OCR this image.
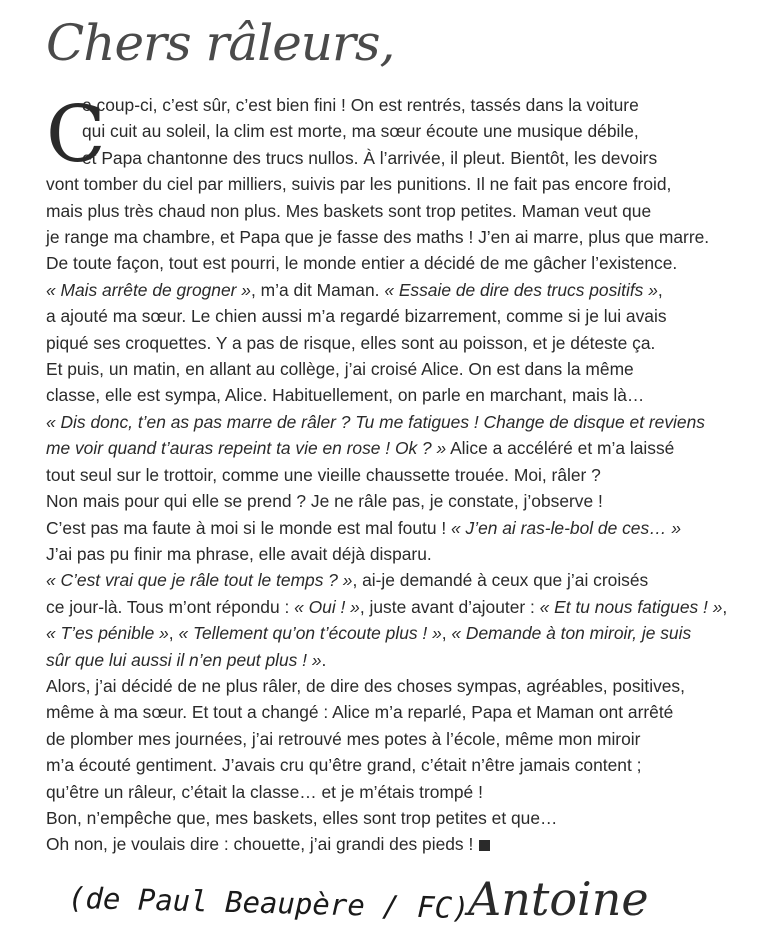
Chers râleurs,
C
e coup-ci, c’est sûr, c’est bien fini ! On est rentrés, tassés dans la voiture
qui cuit au soleil, la clim est morte, ma sœur écoute une musique débile,
et Papa chantonne des trucs nullos. À l’arrivée, il pleut. Bientôt, les devoirs
vont tomber du ciel par milliers, suivis par les punitions. Il ne fait pas encore froid,
mais plus très chaud non plus. Mes baskets sont trop petites. Maman veut que
je range ma chambre, et Papa que je fasse des maths ! J’en ai marre, plus que marre.
De toute façon, tout est pourri, le monde entier a décidé de me gâcher l’existence.
« Mais arrête de grogner », m’a dit Maman. « Essaie de dire des trucs positifs »,
a ajouté ma sœur. Le chien aussi m’a regardé bizarrement, comme si je lui avais
piqué ses croquettes. Y a pas de risque, elles sont au poisson, et je déteste ça.
Et puis, un matin, en allant au collège, j’ai croisé Alice. On est dans la même
classe, elle est sympa, Alice. Habituellement, on parle en marchant, mais là…
« Dis donc, t’en as pas marre de râler ? Tu me fatigues ! Change de disque et reviens
me voir quand t’auras repeint ta vie en rose ! Ok ? » Alice a accéléré et m’a laissé
tout seul sur le trottoir, comme une vieille chaussette trouée. Moi, râler ?
Non mais pour qui elle se prend ? Je ne râle pas, je constate, j’observe !
C’est pas ma faute à moi si le monde est mal foutu ! « J’en ai ras-le-bol de ces… »
J’ai pas pu finir ma phrase, elle avait déjà disparu.
« C’est vrai que je râle tout le temps ? », ai-je demandé à ceux que j’ai croisés
ce jour-là. Tous m’ont répondu : « Oui ! », juste avant d’ajouter : « Et tu nous fatigues ! »,
« T’es pénible », « Tellement qu’on t’écoute plus ! », « Demande à ton miroir, je suis
sûr que lui aussi il n’en peut plus ! ».
Alors, j’ai décidé de ne plus râler, de dire des choses sympas, agréables, positives,
même à ma sœur. Et tout a changé : Alice m’a reparlé, Papa et Maman ont arrêté
de plomber mes journées, j’ai retrouvé mes potes à l’école, même mon miroir
m’a écouté gentiment. J’avais cru qu’être grand, c’était n’être jamais content ;
qu’être un râleur, c’était la classe… et je m’étais trompé !
Bon, n’empêche que, mes baskets, elles sont trop petites et que…
Oh non, je voulais dire : chouette, j’ai grandi des pieds !
Antoine
(de Paul Beaupère / FC)
